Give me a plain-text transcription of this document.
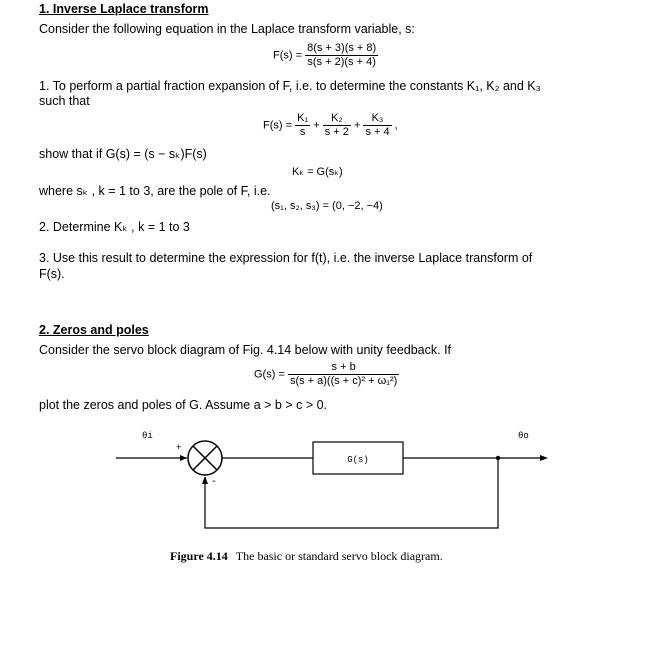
1. Inverse Laplace transform
Consider the following equation in the Laplace transform variable, s:
$F(s) = \frac{8(s + 3)(s + 8)}{s(s + 2)(s + 4)}$
1. To perform a partial fraction expansion of F, i.e. to determine the constants K₁, K₂ and K₃
such that
$F(s) = \frac{\text{K₁}}{s} + \frac{\text{K₂}}{s + 2} + \frac{\text{K₃}}{s + 4}$ ,
show that if G(s) = (s − sₖ)F(s)
Kₖ = G(sₖ)
where sₖ , k = 1 to 3, are the pole of F, i.e.
(s₁, s₂, s₃) = (0, −2, −4)
2. Determine Kₖ , k = 1 to 3
3. Use this result to determine the expression for f(t), i.e. the inverse Laplace transform of
F(s).
2. Zeros and poles
Consider the servo block diagram of Fig. 4.14 below with unity feedback. If
$G(s) = \frac{s + b}{\text{s(s + a)((s + c)² + ω₁²)}}$
plot the zeros and poles of G. Assume a > b > c > 0.
G(s)
θi	θo
+
-
Figure 4.14 The basic or standard servo block diagram.
